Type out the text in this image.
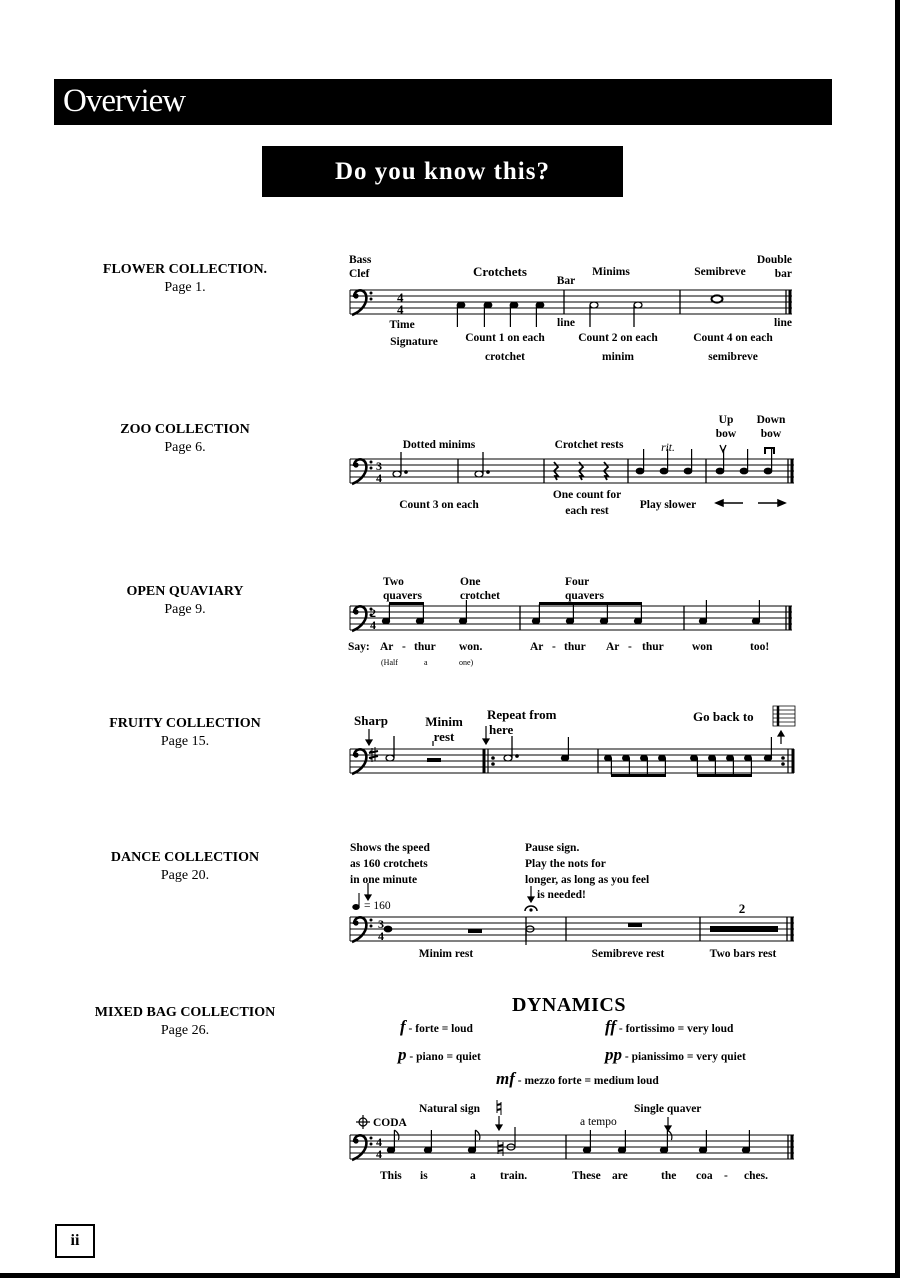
Overview
Do you know this?
FLOWER COLLECTION.
Page 1.
ZOO COLLECTION
Page 6.
OPEN QUAVIARY
Page 9.
FRUITY COLLECTION
Page 15.
DANCE COLLECTION
Page 20.
MIXED BAG COLLECTION
Page 26.
4
4
3
4
2
4
3
4
4
4
Bass Clef	Crotchets
Bar
Minims	Semibreve
Double bar
Time
Signature
line	line
Count 1 on each
crotchet
Count 2 on each
minim
Count 4 on each
semibreve
Dotted minims	Crotchet rests	rit.
Up bow
Down bow
Count 3 on each
One count for
each rest	Play slower
Two quavers
One crotchet
Four quavers
Say: Ar - thur won.	Ar - thur Ar - thur won	too!
(Half	a	one)
Sharp	Minim rest
Repeat from
here
Go back to
Shows the speed
as 160 crotchets
in one minute
= 160
Pause sign.
Play the nots for
longer, as long as you feel
is needed!
Minim rest	Semibreve rest	Two bars rest
2
DYNAMICS
f - forte = loud	ff - fortissimo = very loud
p - piano = quiet	pp - pianissimo = very quiet
mf - mezzo forte = medium loud
CODA
Natural sign
a tempo
Single quaver
This is	a train.	These are	the coa - ches.
ii
